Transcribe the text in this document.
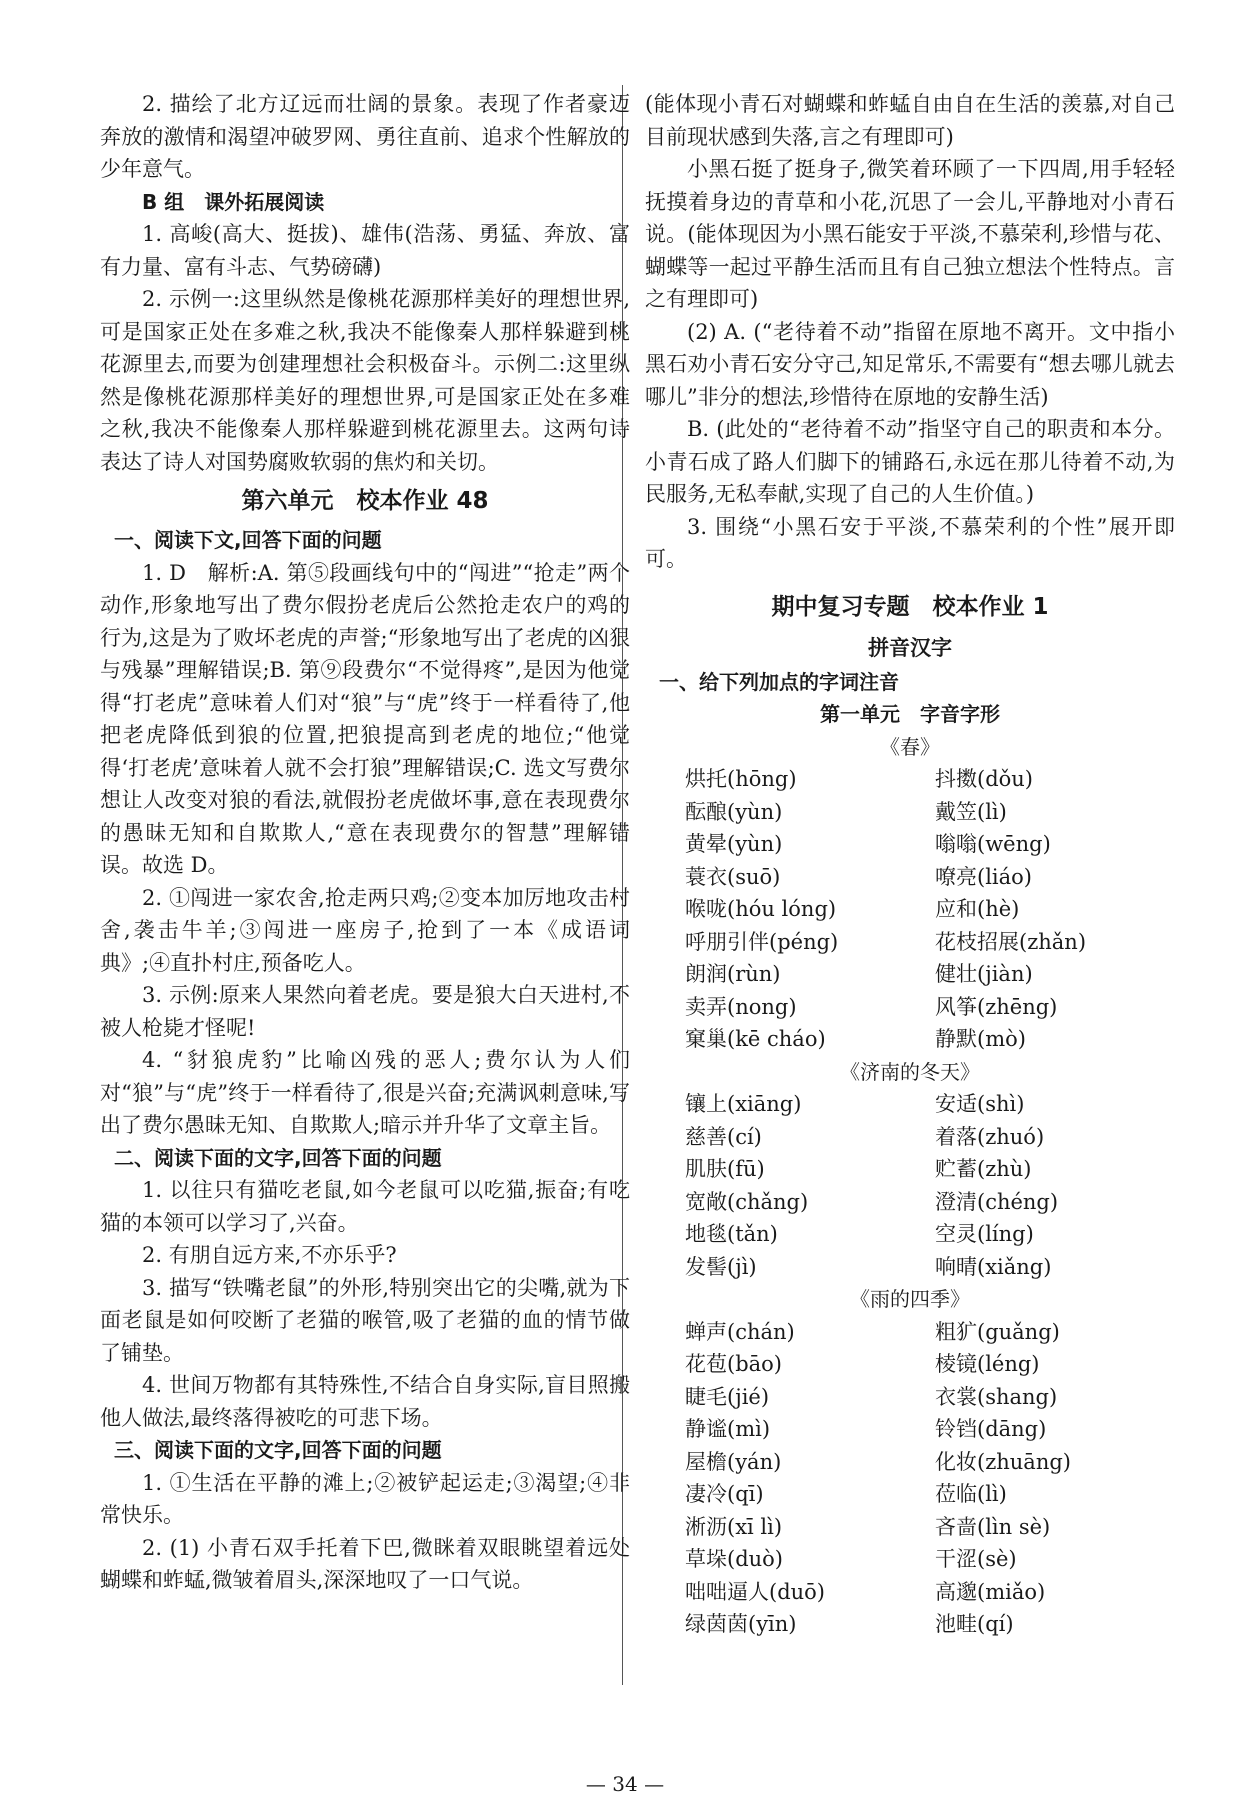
2. 描绘了北方辽远而壮阔的景象。表现了作者豪迈奔放的激情和渴望冲破罗网、勇往直前、追求个性解放的少年意气。

B 组　课外拓展阅读

1. 高峻(高大、挺拔)、雄伟(浩荡、勇猛、奔放、富有力量、富有斗志、气势磅礴)

2. 示例一:这里纵然是像桃花源那样美好的理想世界,可是国家正处在多难之秋,我决不能像秦人那样躲避到桃花源里去,而要为创建理想社会积极奋斗。示例二:这里纵然是像桃花源那样美好的理想世界,可是国家正处在多难之秋,我决不能像秦人那样躲避到桃花源里去。这两句诗表达了诗人对国势腐败软弱的焦灼和关切。

第六单元　校本作业 48
一、阅读下文,回答下面的问题

1. D　解析:A. 第⑤段画线句中的“闯进”“抢走”两个动作,形象地写出了费尔假扮老虎后公然抢走农户的鸡的行为,这是为了败坏老虎的声誉;“形象地写出了老虎的凶狠与残暴”理解错误;B. 第⑨段费尔“不觉得疼”,是因为他觉得“打老虎”意味着人们对“狼”与“虎”终于一样看待了,他把老虎降低到狼的位置,把狼提高到老虎的地位;“他觉得‘打老虎’意味着人就不会打狼”理解错误;C. 选文写费尔想让人改变对狼的看法,就假扮老虎做坏事,意在表现费尔的愚昧无知和自欺欺人,“意在表现费尔的智慧”理解错误。故选 D。

2. ①闯进一家农舍,抢走两只鸡;②变本加厉地攻击村舍,袭击牛羊;③闯进一座房子,抢到了一本《成语词典》;④直扑村庄,预备吃人。

3. 示例:原来人果然向着老虎。要是狼大白天进村,不被人枪毙才怪呢!

4. “豺狼虎豹”比喻凶残的恶人;费尔认为人们对“狼”与“虎”终于一样看待了,很是兴奋;充满讽刺意味,写出了费尔愚昧无知、自欺欺人;暗示并升华了文章主旨。

二、阅读下面的文字,回答下面的问题

1. 以往只有猫吃老鼠,如今老鼠可以吃猫,振奋;有吃猫的本领可以学习了,兴奋。

2. 有朋自远方来,不亦乐乎?

3. 描写“铁嘴老鼠”的外形,特别突出它的尖嘴,就为下面老鼠是如何咬断了老猫的喉管,吸了老猫的血的情节做了铺垫。

4. 世间万物都有其特殊性,不结合自身实际,盲目照搬他人做法,最终落得被吃的可悲下场。

三、阅读下面的文字,回答下面的问题

1. ①生活在平静的滩上;②被铲起运走;③渴望;④非常快乐。

2. (1) 小青石双手托着下巴,微眯着双眼眺望着远处蝴蝶和蚱蜢,微皱着眉头,深深地叹了一口气说。

(能体现小青石对蝴蝶和蚱蜢自由自在生活的羡慕,对自己目前现状感到失落,言之有理即可)

小黑石挺了挺身子,微笑着环顾了一下四周,用手轻轻抚摸着身边的青草和小花,沉思了一会儿,平静地对小青石说。(能体现因为小黑石能安于平淡,不慕荣利,珍惜与花、蝴蝶等一起过平静生活而且有自己独立想法个性特点。言之有理即可)

(2) A. (“老待着不动”指留在原地不离开。文中指小黑石劝小青石安分守己,知足常乐,不需要有“想去哪儿就去哪儿”非分的想法,珍惜待在原地的安静生活)

B. (此处的“老待着不动”指坚守自己的职责和本分。小青石成了路人们脚下的铺路石,永远在那儿待着不动,为民服务,无私奉献,实现了自己的人生价值。)

3. 围绕“小黑石安于平淡,不慕荣利的个性”展开即可。

期中复习专题　校本作业 1
拼音汉字
一、给下列加点的字词注音
第一单元　字音字形
《春》
烘托(hōng)	抖擞(dǒu)
酝酿(yùn)	戴笠(lì)
黄晕(yùn)	嗡嗡(wēng)
蓑衣(suō)	嘹亮(liáo)
喉咙(hóu lóng)	应和(hè)
呼朋引伴(péng)	花枝招展(zhǎn)
朗润(rùn)	健壮(jiàn)
卖弄(nong)	风筝(zhēng)
窠巢(kē cháo)	静默(mò)
《济南的冬天》
镶上(xiāng)	安适(shì)
慈善(cí)	着落(zhuó)
肌肤(fū)	贮蓄(zhù)
宽敞(chǎng)	澄清(chéng)
地毯(tǎn)	空灵(líng)
发髻(jì)	响晴(xiǎng)
《雨的四季》
蝉声(chán)	粗犷(guǎng)
花苞(bāo)	棱镜(léng)
睫毛(jié)	衣裳(shang)
静谧(mì)	铃铛(dāng)
屋檐(yán)	化妆(zhuāng)
凄冷(qī)	莅临(lì)
淅沥(xī lì)	吝啬(lìn sè)
草垛(duò)	干涩(sè)
咄咄逼人(duō)	高邈(miǎo)
绿茵茵(yīn)	池畦(qí)
— 34 —
